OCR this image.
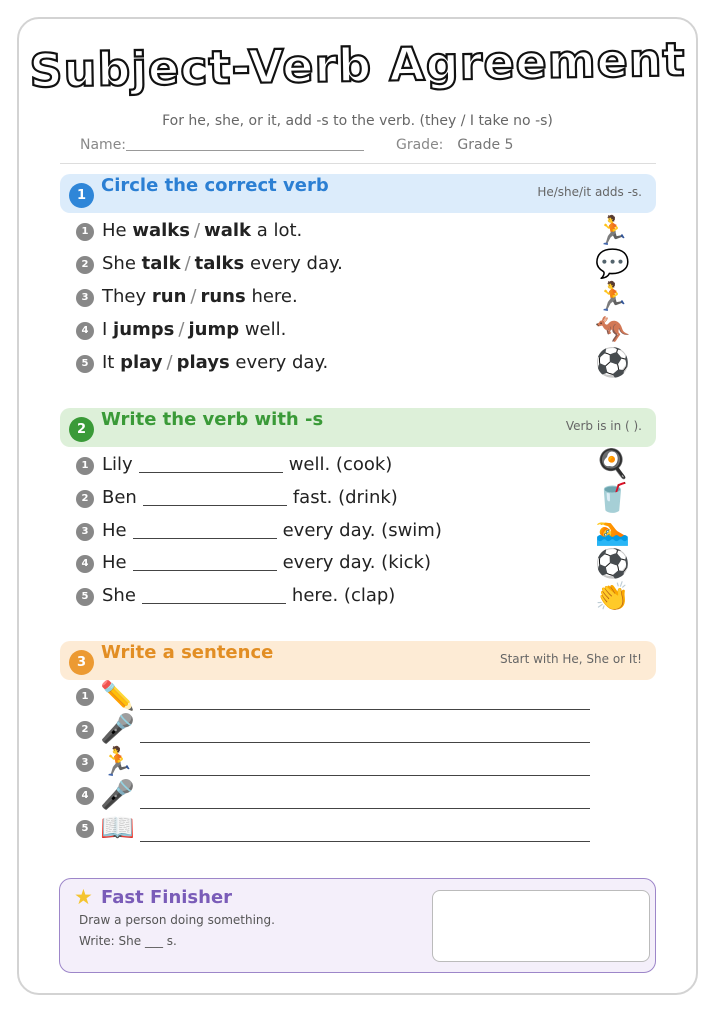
Subject-Verb Agreement
For he, she, or it, add -s to the verb. (they / I take no -s)
Name:	Grade: Grade 5
1 Circle the correct verb	He/she/it adds -s.
1 He walks / walk a lot.	🏃
2 She talk / talks every day.	💬
3 They run / runs here.	🏃
4 I jumps / jump well.	🦘
5 It play / plays every day.	⚽
2 Write the verb with -s	Verb is in ( ).
1 Lily	well. (cook)	🍳
2 Ben	fast. (drink)	🥤
3 He	every day. (swim)	🏊
4 He	every day. (kick)	⚽
5 She	here. (clap)	👏
3 Write a sentence	Start with He, She or It!
1 ✏️
2 🎤
3 🏃
4 🎤
5 📖
★ Fast Finisher
Draw a person doing something.
Write: She ___ s.
